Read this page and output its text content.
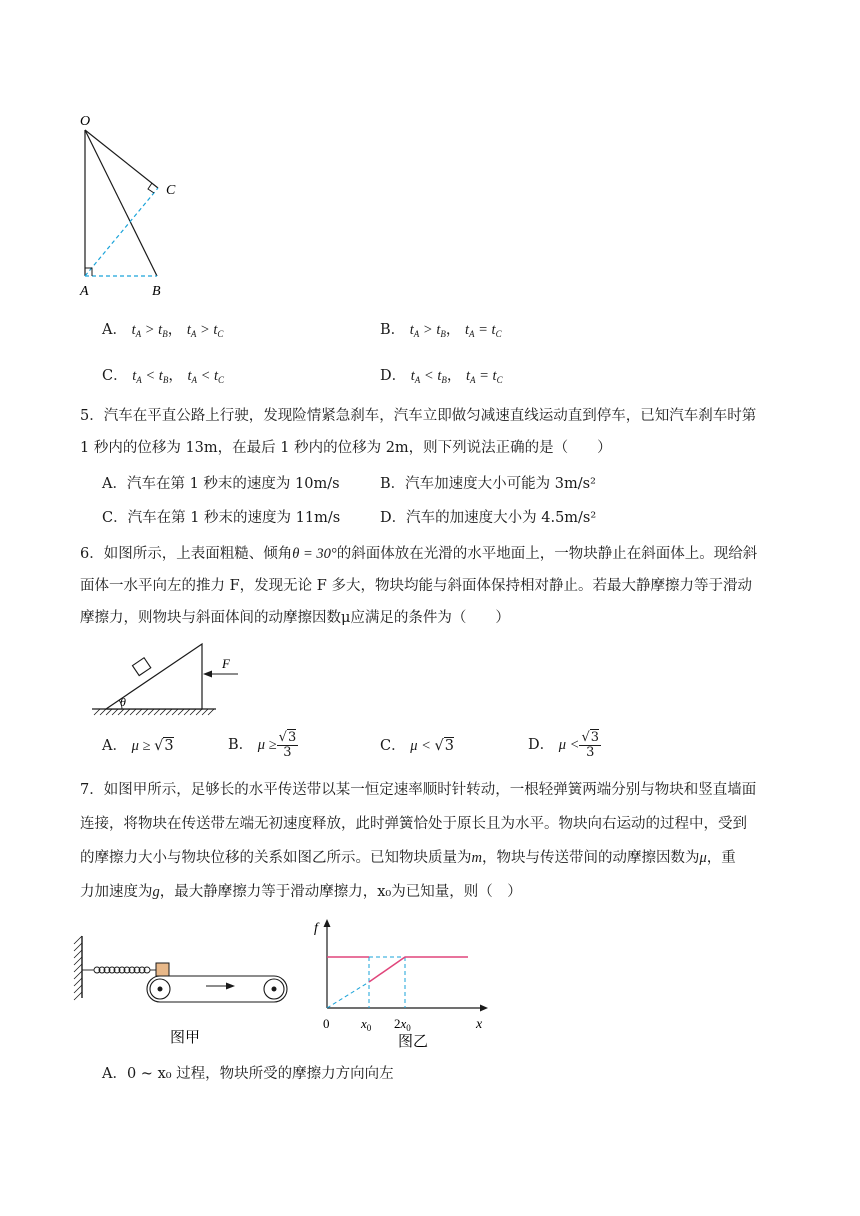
O
C
A	B
A． $t_A > t_B$， $t_A > t_C$	B． $t_A > t_B$， $t_A = t_C$
C． $t_A < t_B$， $t_A < t_C$	D． $t_A < t_B$， $t_A = t_C$
5．汽车在平直公路上行驶，发现险情紧急刹车，汽车立即做匀减速直线运动直到停车，已知汽车刹车时第
1 秒内的位移为 13m，在最后 1 秒内的位移为 2m，则下列说法正确的是（　　）
A．汽车在第 1 秒末的速度为 10m/s	B．汽车加速度大小可能为 3m/s²
C．汽车在第 1 秒末的速度为 11m/s	D．汽车的加速度大小为 4.5m/s²
6．如图所示，上表面粗糙、倾角θ = 30°的斜面体放在光滑的水平地面上，一物块静止在斜面体上。现给斜
面体一水平向左的推力 F，发现无论 F 多大，物块均能与斜面体保持相对静止。若最大静摩擦力等于滑动
摩擦力，则物块与斜面体间的动摩擦因数μ应满足的条件为（　　）
θ
F
A． μ ≥ √3	B．
$\mu \ge \frac{√3}{3}$	C． μ < √3	D．
$\mu < \frac{√3}{3}$
7．如图甲所示，足够长的水平传送带以某一恒定速率顺时针转动，一根轻弹簧两端分别与物块和竖直墙面
连接，将物块在传送带左端无初速度释放，此时弹簧恰处于原长且为水平。物块向右运动的过程中，受到
的摩擦力大小与物块位移的关系如图乙所示。已知物块质量为m，物块与传送带间的动摩擦因数为μ，重
力加速度为g，最大静摩擦力等于滑动摩擦力，x₀为已知量，则（　）
图甲
f
x
0 $x_0$ $2x_0$
图乙
A．0 ~ x₀ 过程，物块所受的摩擦力方向向左
